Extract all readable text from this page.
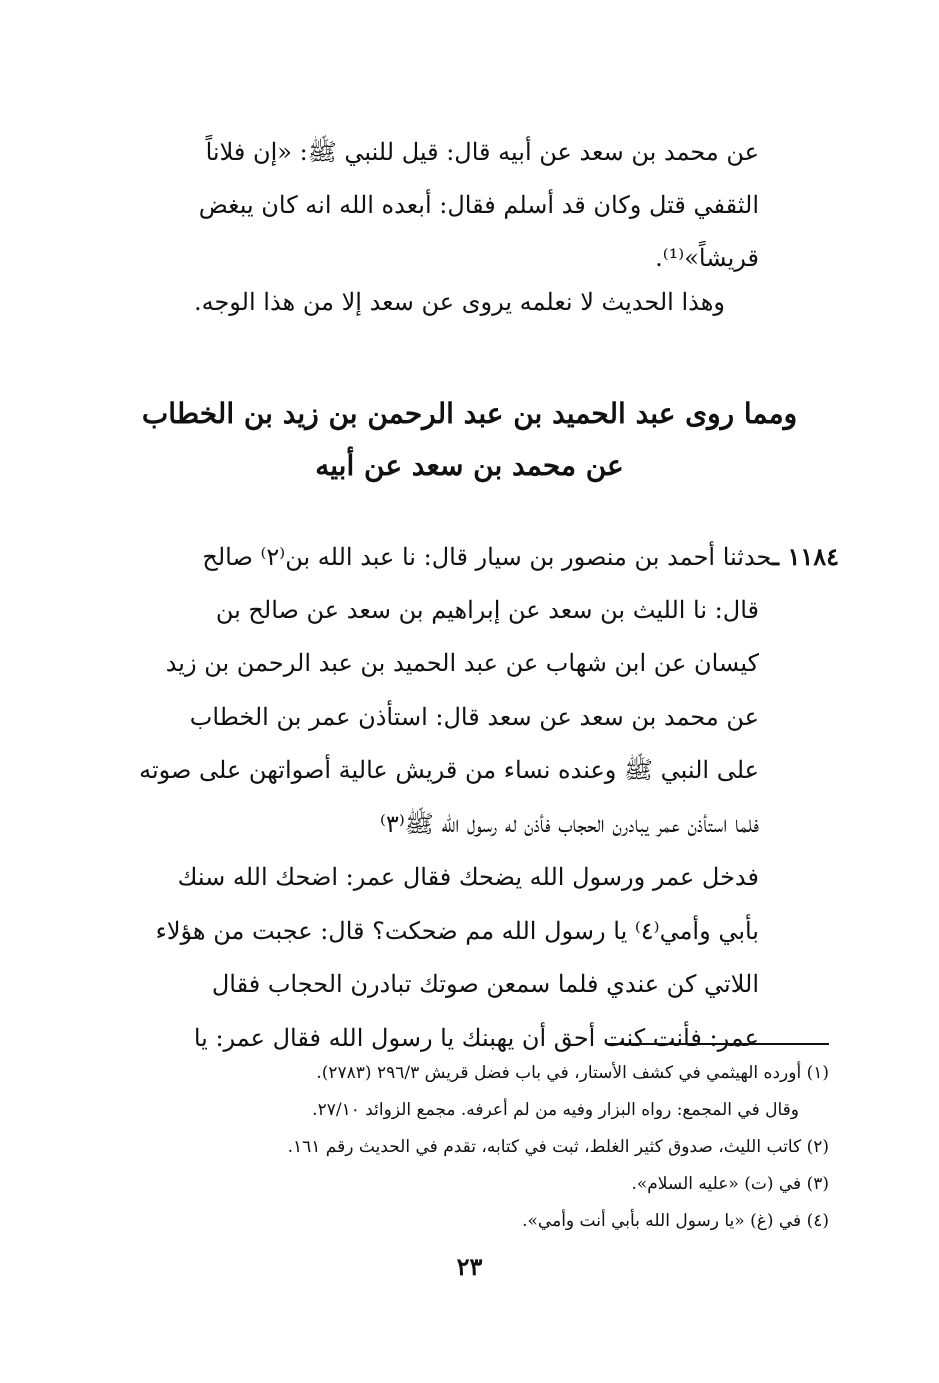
عن محمد بن سعد عن أبيه قال: قيل للنبي ﷺ: «إن فلاناً
الثقفي قتل وكان قد أسلم فقال: أبعده الله انه كان يبغض
قريشاً»⁽¹⁾.
وهذا الحديث لا نعلمه يروى عن سعد إلا من هذا الوجه.
ومما روى عبد الحميد بن عبد الرحمن بن زيد بن الخطاب
عن محمد بن سعد عن أبيه
١١٨٤ ـحدثنا أحمد بن منصور بن سيار قال: نا عبد الله بن⁽٢⁾ صالح
قال: نا الليث بن سعد عن إبراهيم بن سعد عن صالح بن
كيسان عن ابن شهاب عن عبد الحميد بن عبد الرحمن بن زيد
عن محمد بن سعد عن سعد قال: استأذن عمر بن الخطاب
على النبي ﷺ وعنده نساء من قريش عالية أصواتهن على صوته
فلما استأذن عمر يبادرن الحجاب فأذن له رسول الله ﷺ⁽٣⁾
فدخل عمر ورسول الله يضحك فقال عمر: اضحك الله سنك
بأبي وأمي⁽٤⁾ يا رسول الله مم ضحكت؟ قال: عجبت من هؤلاء
اللاتي كن عندي فلما سمعن صوتك تبادرن الحجاب فقال
عمر: فأنت كنت أحق أن يهبنك يا رسول الله فقال عمر: يا
(١) أورده الهيثمي في كشف الأستار، في باب فضل قريش ٢٩٦/٣ (٢٧٨٣).
وقال في المجمع: رواه البزار وفيه من لم أعرفه. مجمع الزوائد ٢٧/١٠.
(٢) كاتب الليث، صدوق كثير الغلط، ثبت في كتابه، تقدم في الحديث رقم ١٦١.
(٣) في (ت) «عليه السلام».
(٤) في (غ) «يا رسول الله بأبي أنت وأمي».
٢٣
